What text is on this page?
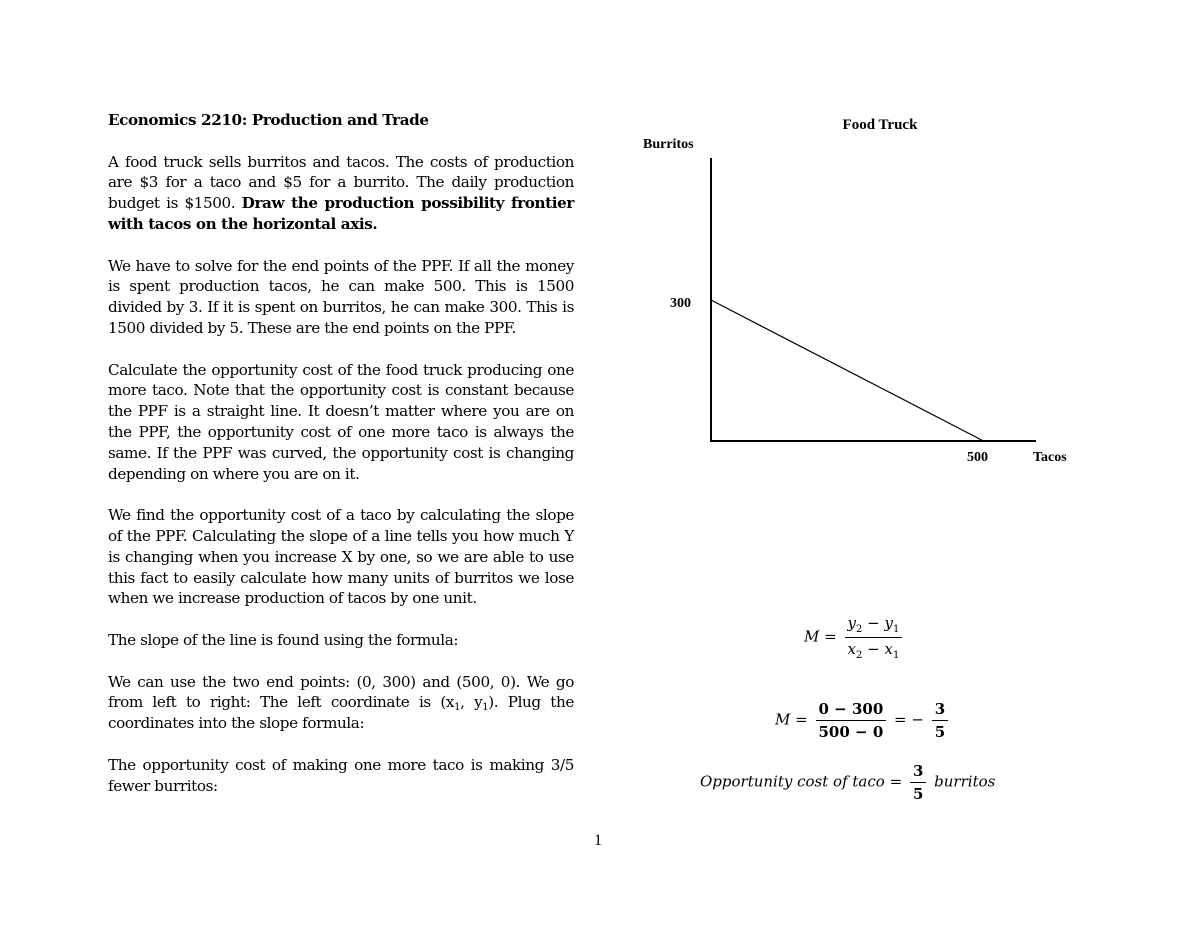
Economics 2210: Production and Trade

A food truck sells burritos and tacos. The costs of production are $3 for a taco and $5 for a burrito. The daily production budget is $1500. Draw the production possibility frontier with tacos on the horizontal axis.

We have to solve for the end points of the PPF. If all the money is spent production tacos, he can make 500. This is 1500 divided by 3. If it is spent on burritos, he can make 300. This is 1500 divided by 5. These are the end points on the PPF.

Calculate the opportunity cost of the food truck producing one more taco. Note that the opportunity cost is constant because the PPF is a straight line. It doesn’t matter where you are on the PPF, the opportunity cost of one more taco is always the same. If the PPF was curved, the opportunity cost is changing depending on where you are on it.

We find the opportunity cost of a taco by calculating the slope of the PPF. Calculating the slope of a line tells you how much Y is changing when you increase X by one, so we are able to use this fact to easily calculate how many units of burritos we lose when we increase production of tacos by one unit.

The slope of the line is found using the formula:

We can use the two end points: (0, 300) and (500, 0). We go from left to right: The left coordinate is ($x_1$, $y_1$). Plug the coordinates into the slope formula:

The opportunity cost of making one more taco is making 3/5 fewer burritos:

Food Truck
Burritos
300
500	Tacos
$M = \frac{y_2 - y_1}{x_2 - x_1}$
$M = \frac{0 - 300}{500 - 0}$ = − $\frac{3}{5}$
Opportunity cost of taco = $\frac{3}{5}$ burritos
1
